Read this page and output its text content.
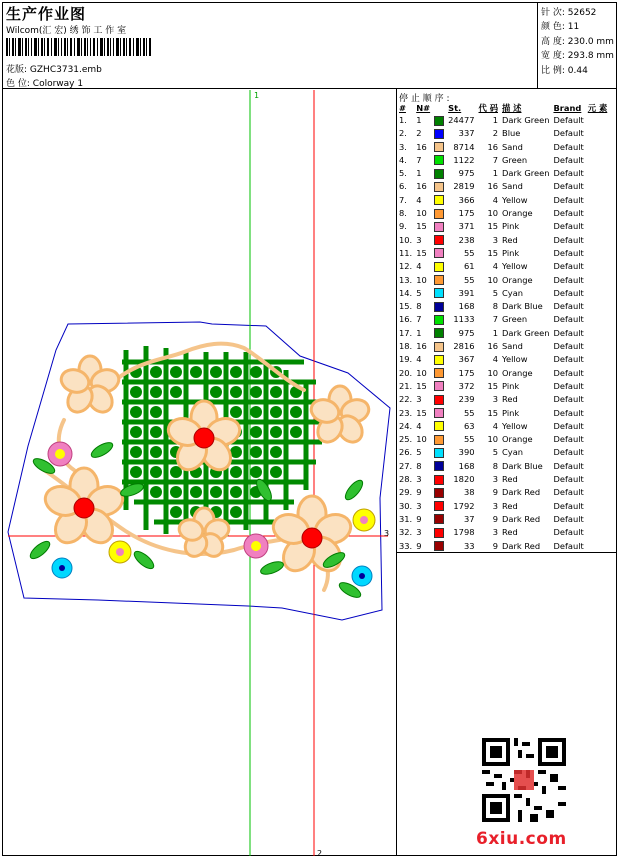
生产作业图
Wilcom(汇 宏) 绣 饰 工 作 室
花版: GZHC3731.emb
色 位: Colorway 1
针 次: 52652
颜 色: 11
高 度: 230.0 mm
宽 度: 293.8 mm
比 例: 0.44
停 止 顺 序 :
#	N#		St.	代 码	描 述	Brand	元 素
1.	1		24477	1	Dark Green	Default	
2.	2		337	2	Blue	Default	
3.	16		8714	16	Sand	Default	
4.	7		1122	7	Green	Default	
5.	1		975	1	Dark Green	Default	
6.	16		2819	16	Sand	Default	
7.	4		366	4	Yellow	Default	
8.	10		175	10	Orange	Default	
9.	15		371	15	Pink	Default	
10.	3		238	3	Red	Default	
11.	15		55	15	Pink	Default	
12.	4		61	4	Yellow	Default	
13.	10		55	10	Orange	Default	
14.	5		391	5	Cyan	Default	
15.	8		168	8	Dark Blue	Default	
16.	7		1133	7	Green	Default	
17.	1		975	1	Dark Green	Default	
18.	16		2816	16	Sand	Default	
19.	4		367	4	Yellow	Default	
20.	10		175	10	Orange	Default	
21.	15		372	15	Pink	Default	
22.	3		239	3	Red	Default	
23.	15		55	15	Pink	Default	
24.	4		63	4	Yellow	Default	
25.	10		55	10	Orange	Default	
26.	5		390	5	Cyan	Default	
27.	8		168	8	Dark Blue	Default	
28.	3		1820	3	Red	Default	
29.	9		38	9	Dark Red	Default	
30.	3		1792	3	Red	Default	
31.	9		37	9	Dark Red	Default	
32.	3		1798	3	Red	Default	
33.	9		33	9	Dark Red	Default	
1
2
3
6xiu.com
